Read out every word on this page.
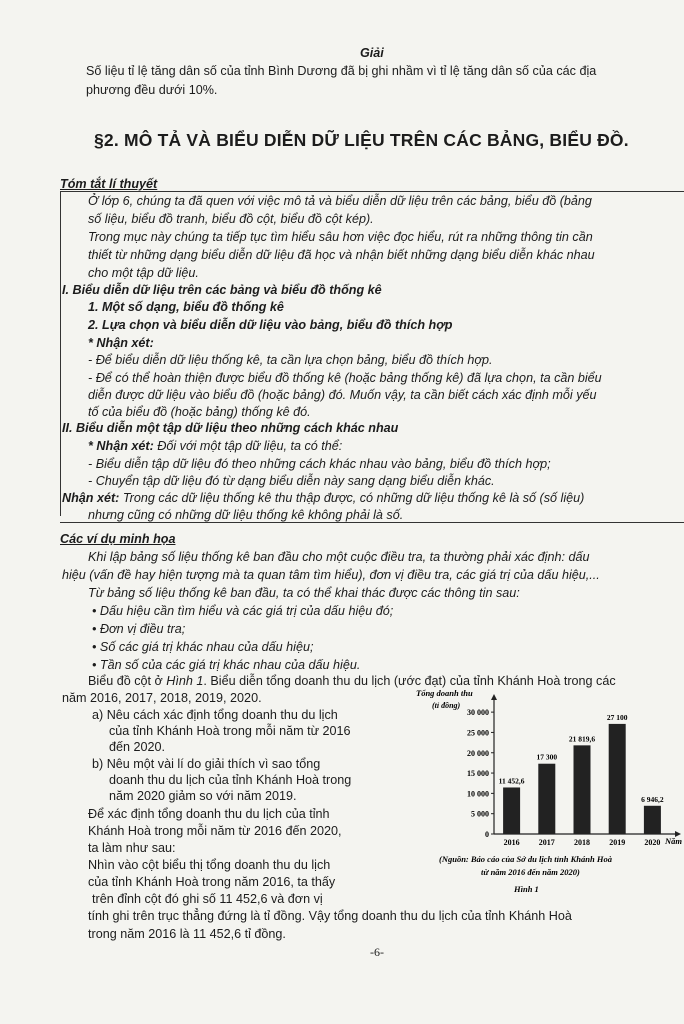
Giải
Số liệu tỉ lệ tăng dân số của tỉnh Bình Dương đã bị ghi nhầm vì tỉ lệ tăng dân số của các địa
phương đều dưới 10%.
§2. MÔ TẢ VÀ BIỂU DIỄN DỮ LIỆU TRÊN CÁC BẢNG, BIỂU ĐỒ.
Tóm tắt lí thuyết
Ở lớp 6, chúng ta đã quen với việc mô tả và biểu diễn dữ liệu trên các bảng, biểu đồ (bảng
số liệu, biểu đồ tranh, biểu đồ cột, biểu đồ cột kép).
Trong mục này chúng ta tiếp tục tìm hiểu sâu hơn việc đọc hiểu, rút ra những thông tin cần
thiết từ những dạng biểu diễn dữ liệu đã học và nhận biết những dạng biểu diễn khác nhau
cho một tập dữ liệu.
I. Biểu diễn dữ liệu trên các bảng và biểu đồ thống kê
1. Một số dạng, biểu đồ thống kê
2. Lựa chọn và biểu diễn dữ liệu vào bảng, biểu đồ thích hợp
* Nhận xét:
- Để biểu diễn dữ liệu thống kê, ta cần lựa chọn bảng, biểu đồ thích hợp.
- Để có thể hoàn thiện được biểu đồ thống kê (hoặc bảng thống kê) đã lựa chọn, ta cần biểu
diễn được dữ liệu vào biểu đồ (hoặc bảng) đó. Muốn vậy, ta cần biết cách xác định mỗi yếu
tố của biểu đồ (hoặc bảng) thống kê đó.
II. Biểu diễn một tập dữ liệu theo những cách khác nhau
* Nhận xét: Đối với một tập dữ liệu, ta có thể:
- Biểu diễn tập dữ liệu đó theo những cách khác nhau vào bảng, biểu đồ thích hợp;
- Chuyển tập dữ liệu đó từ dạng biểu diễn này sang dạng biểu diễn khác.
Nhận xét: Trong các dữ liệu thống kê thu thập được, có những dữ liệu thống kê là số (số liệu)
nhưng cũng có những dữ liệu thống kê không phải là số.
Các ví dụ minh họa
Khi lập bảng số liệu thống kê ban đầu cho một cuộc điều tra, ta thường phải xác định: dấu
hiệu (vấn đề hay hiện tượng mà ta quan tâm tìm hiểu), đơn vị điều tra, các giá trị của dấu hiệu,...
Từ bảng số liệu thống kê ban đầu, ta có thể khai thác được các thông tin sau:
• Dấu hiệu cần tìm hiểu và các giá trị của dấu hiệu đó;
• Đơn vị điều tra;
• Số các giá trị khác nhau của dấu hiệu;
• Tần số của các giá trị khác nhau của dấu hiệu.
Biểu đồ cột ở Hình 1. Biểu diễn tổng doanh thu du lịch (ước đạt) của tỉnh Khánh Hoà trong các
năm 2016, 2017, 2018, 2019, 2020.
a) Nêu cách xác định tổng doanh thu du lịch
của tỉnh Khánh Hoà trong mỗi năm từ 2016
đến 2020.
b) Nêu một vài lí do giải thích vì sao tổng
doanh thu du lịch của tỉnh Khánh Hoà trong
năm 2020 giảm so với năm 2019.
Để xác định tổng doanh thu du lịch của tỉnh
Khánh Hoà trong mỗi năm từ 2016 đến 2020,
ta làm như sau:
Nhìn vào cột biểu thị tổng doanh thu du lịch
của tỉnh Khánh Hoà trong năm 2016, ta thấy
trên đỉnh cột đó ghi số 11 452,6 và đơn vị
tính ghi trên trục thẳng đứng là tỉ đồng. Vậy tổng doanh thu du lịch của tỉnh Khánh Hoà
trong năm 2016 là 11 452,6 tỉ đồng.
Tổng doanh thu
(tỉ đồng)
0
5 000
10 000
15 000
20 000
25 000
30 000
11 452,6
2016
17 300
2017
21 819,6
2018
27 100
2019
6 946,2
2020 Năm
(Nguồn: Báo cáo của Sở du lịch tỉnh Khánh Hoà
từ năm 2016 đến năm 2020)
Hình 1
-6-
